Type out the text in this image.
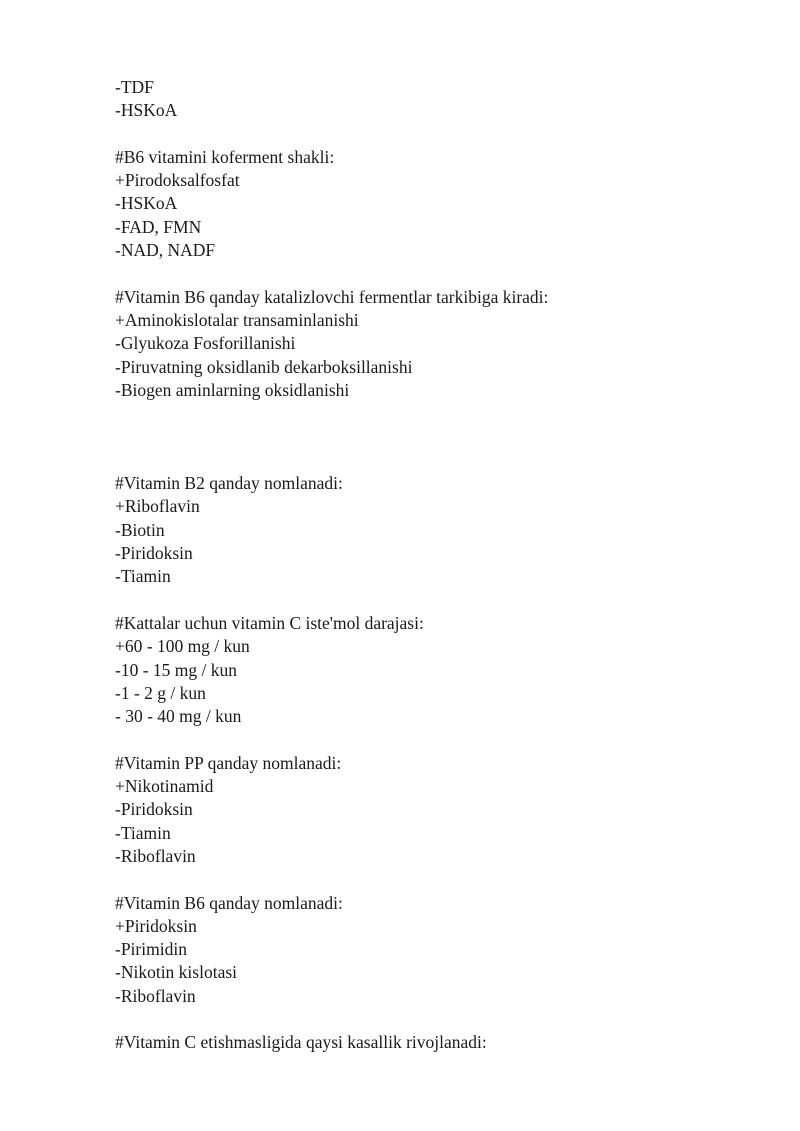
-TDF
-HSKoA
#B6 vitamini koferment shakli:
+Pirodoksalfosfat
-HSKoA
-FAD, FMN
-NAD, NADF
#Vitamin B6 qanday katalizlovchi fermentlar tarkibiga kiradi:
+Aminokislotalar transaminlanishi
-Glyukoza Fosforillanishi
-Piruvatning oksidlanib dekarboksillanishi
-Biogen aminlarning oksidlanishi
#Vitamin B2 qanday nomlanadi:
+Riboflavin
-Biotin
-Piridoksin
-Tiamin
#Kattalar uchun vitamin C iste'mol darajasi:
+60 - 100 mg / kun
-10 - 15 mg / kun
-1 - 2 g / kun
- 30 - 40 mg / kun
#Vitamin PP qanday nomlanadi:
+Nikotinamid
-Piridoksin
-Tiamin
-Riboflavin
#Vitamin B6 qanday nomlanadi:
+Piridoksin
-Pirimidin
-Nikotin kislotasi
-Riboflavin
#Vitamin C etishmasligida qaysi kasallik rivojlanadi:
